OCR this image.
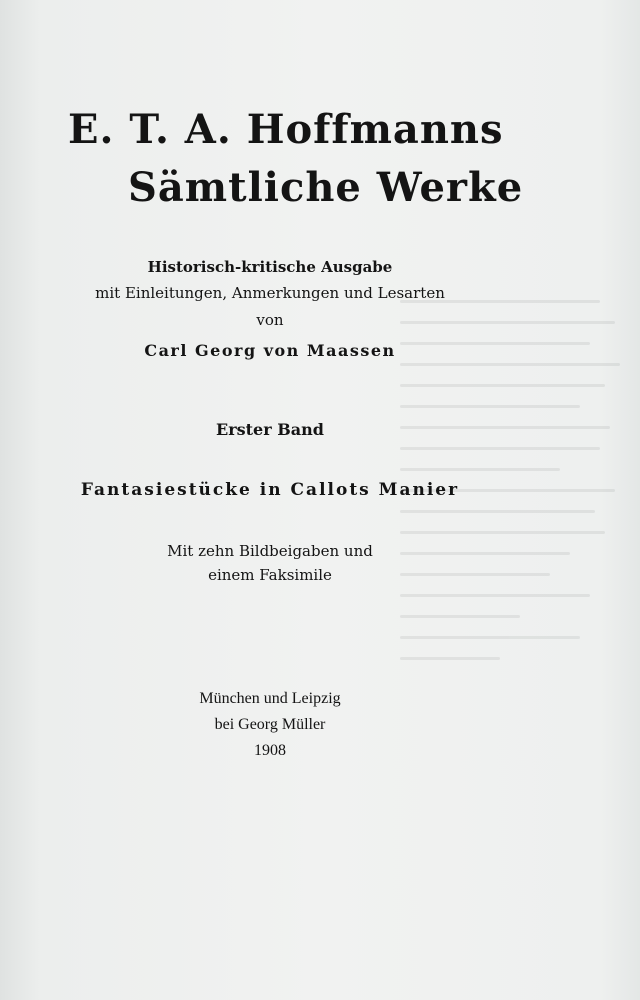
E. T. A. Hoffmanns
Sämtliche Werke
Historisch-kritische Ausgabe
mit Einleitungen, Anmerkungen und Lesarten
von
Carl Georg von Maassen
Erster Band
Fantasiestücke in Callots Manier
Mit zehn Bildbeigaben und
einem Faksimile
München und Leipzig
bei Georg Müller
1908
